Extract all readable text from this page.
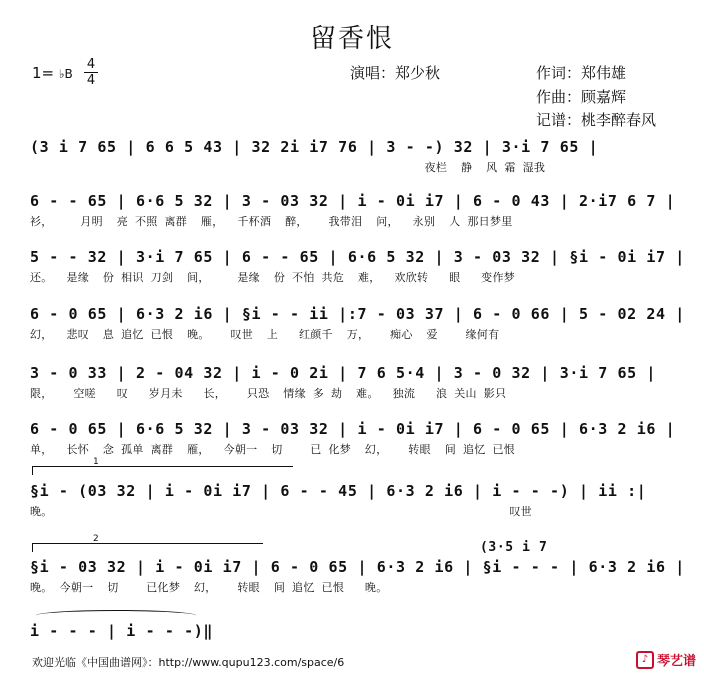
留香恨
1= ♭B
4
4	演唱：郑少秋	作词：郑伟雄
作曲：顾嘉辉
记谱：桃李醉春风
(3 i 7 65 | 6 6 5 43 | 32 2i i7 76 | 3 - -) 32 | 3·i 7 65 |
夜栏  静  风 霜 湿我
6 - - 65 | 6·6 5 32 | 3 - 03 32 | i - 0i i7 | 6 - 0 43 | 2·i7 6 7 |
衫，    月明  亮 不照 离群  雁，  千杯酒  醉，   我带泪  问，  永别  人 那日梦里
5 - - 32 | 3·i 7 65 | 6 - - 65 | 6·6 5 32 | 3 - 03 32 | §i - 0i i7 |
还。  是缘  份 相识 刀剑  间，    是缘  份 不怕 共危  难，  欢欣转   眼   变作梦
6 - 0 65 | 6·3 2 i6 | §i - - ii |:7 - 03 37 | 6 - 0 66 | 5 - 02 24 |
幻，  悲叹  息 追忆 已恨  晚。   叹世  上   红颜千  万，   痴心  爱    缘何有
3 - 0 33 | 2 - 04 32 | i - 0 2i | 7 6 5·4 | 3 - 0 32 | 3·i 7 65 |
限，   空嗟   叹   岁月未   长，   只恐  情缘 多 劫  难。  独流   浪 关山 影只
6 - 0 65 | 6·6 5 32 | 3 - 03 32 | i - 0i i7 | 6 - 0 65 | 6·3 2 i6 |
单，  长怀  念 孤单 离群  雁，  今朝一  切    已 化梦  幻，   转眼  间 追忆 已恨
1
§i - (03 32 | i - 0i i7 | 6 - - 45 | 6·3 2 i6 | i - - -) | ii :|
晚。                                                                  叹世
2
(3·5 i 7
§i - 03 32 | i - 0i i7 | 6 - 0 65 | 6·3 2 i6 | §i - - - | 6·3 2 i6 |
晚。 今朝一  切    已化梦  幻，   转眼  间 追忆 已恨   晚。
i - - - | i - - -)‖
欢迎光临《中国曲谱网》：http://www.qupu123.com/space/6	♪ 琴艺谱
